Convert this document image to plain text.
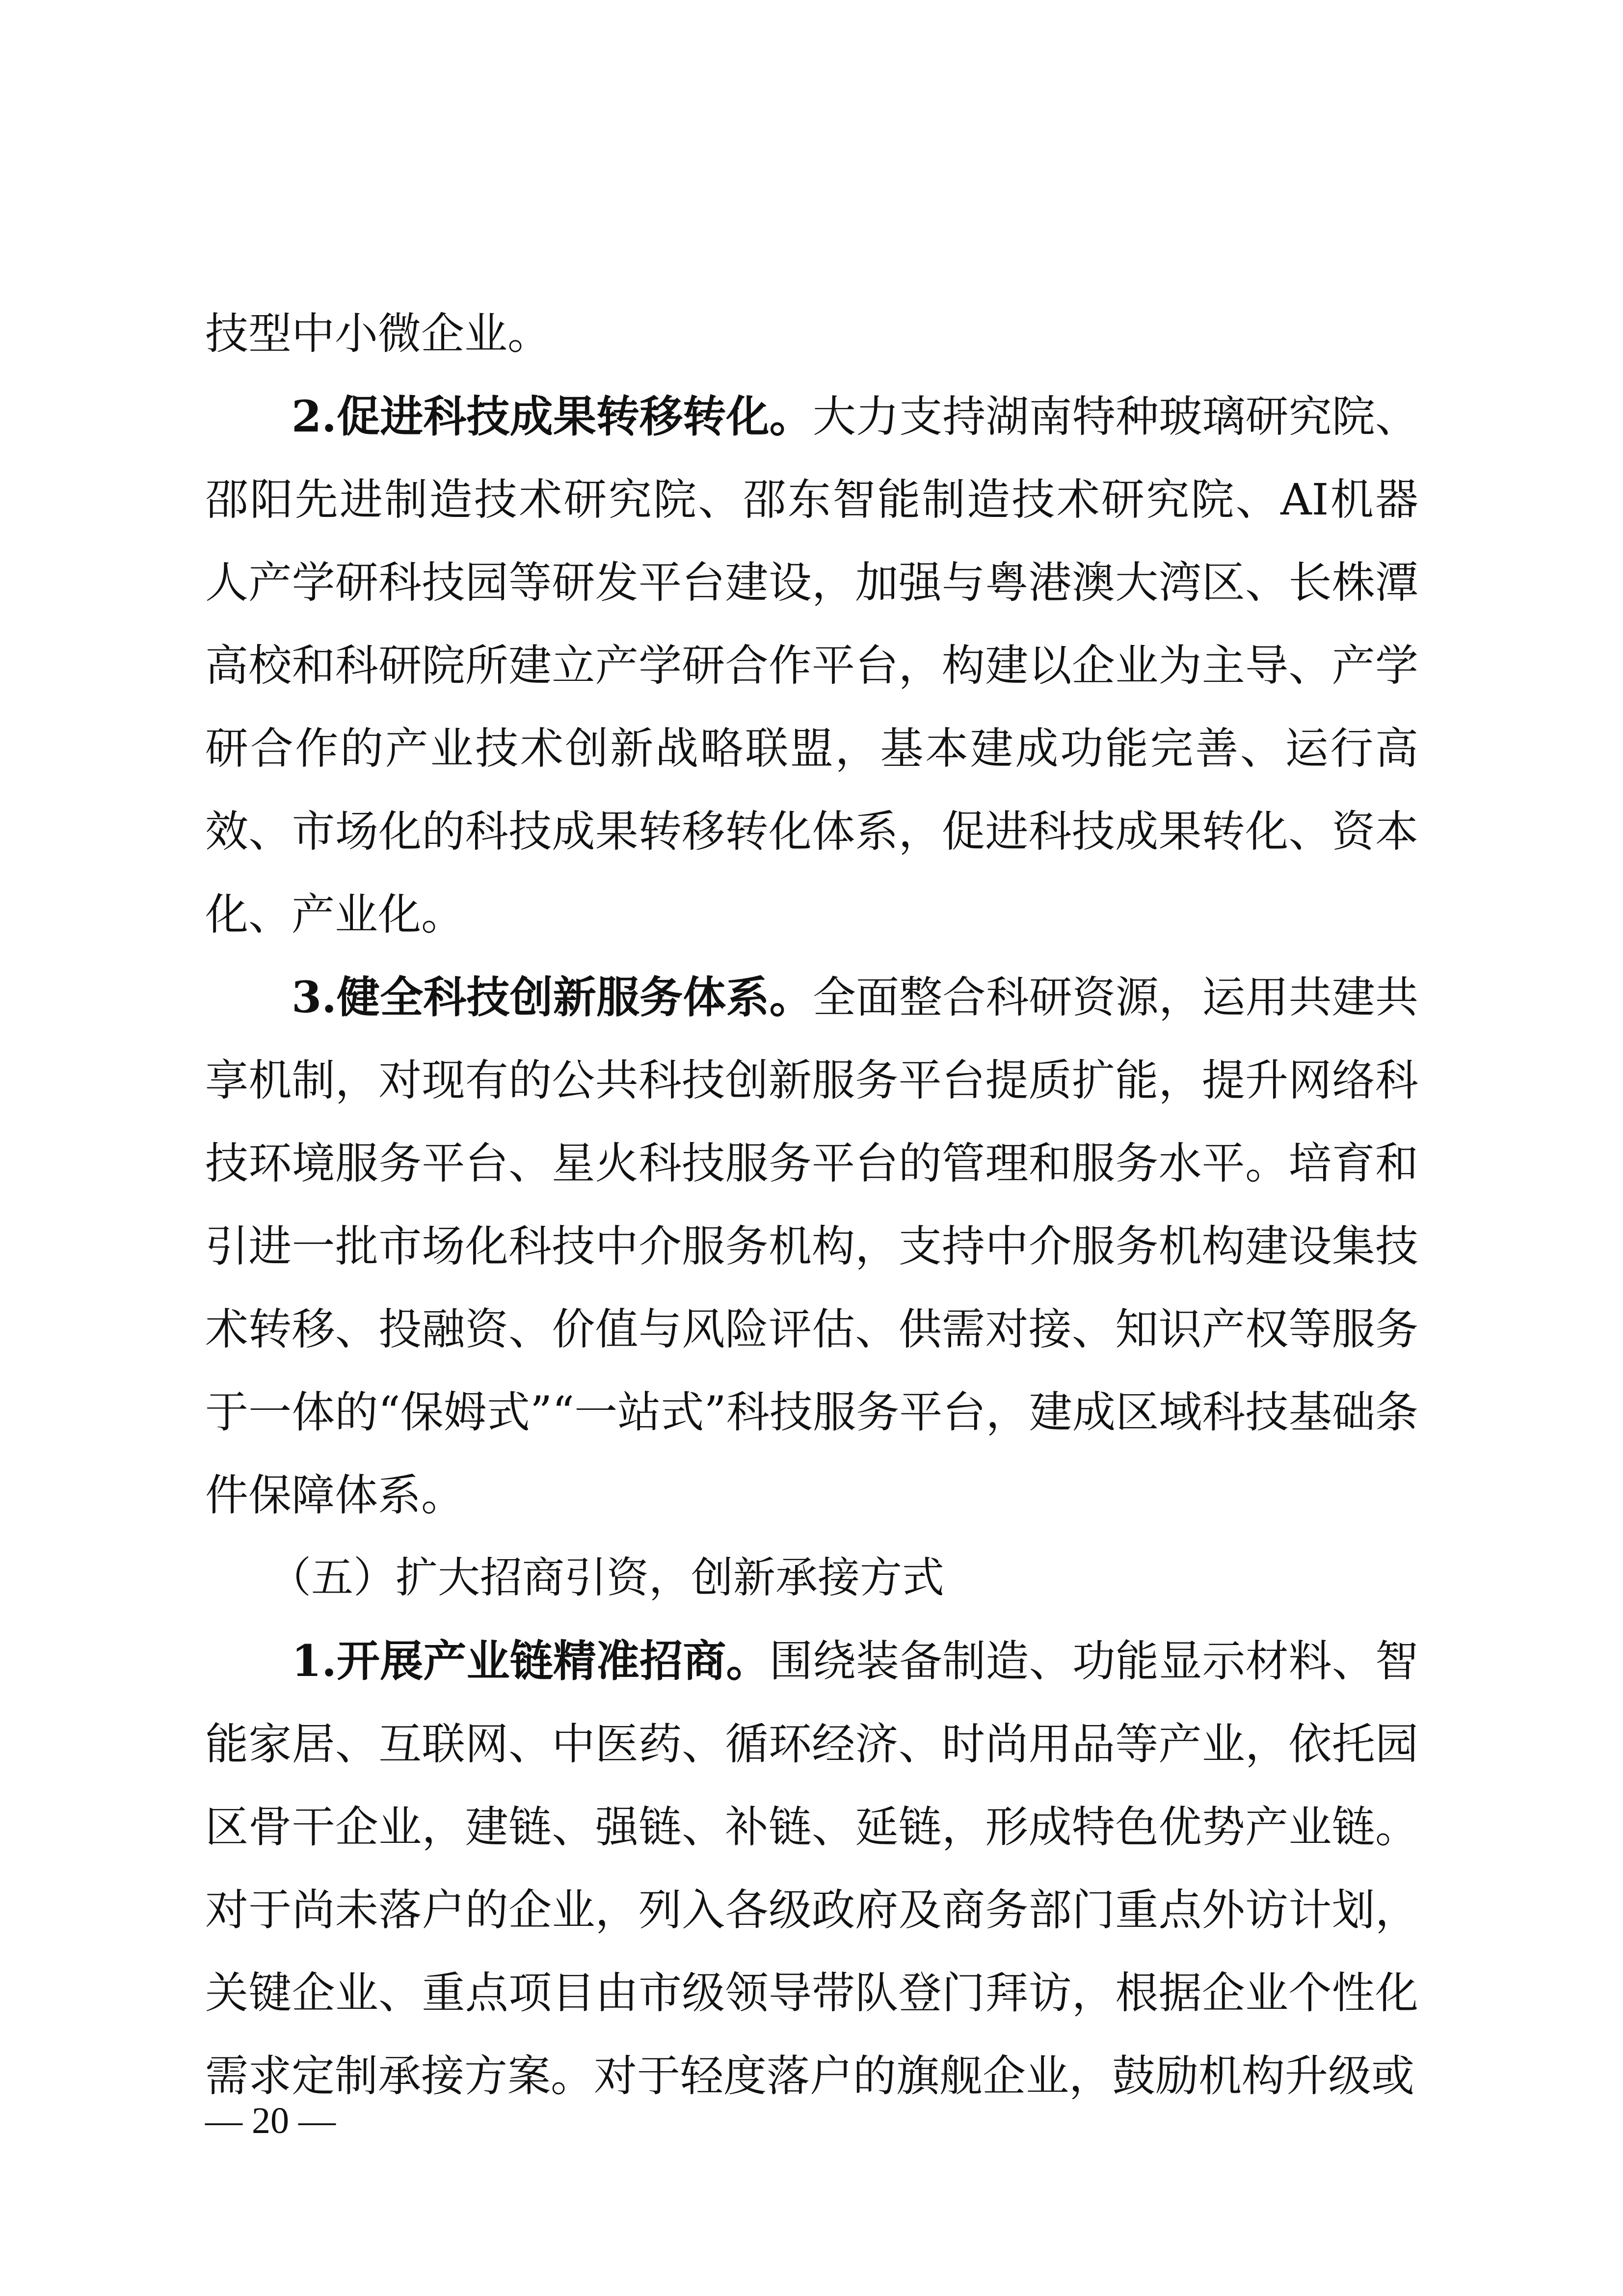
技型中小微企业。

2.促进科技成果转移转化。大力支持湖南特种玻璃研究院、邵阳先进制造技术研究院、邵东智能制造技术研究院、AI机器人产学研科技园等研发平台建设，加强与粤港澳大湾区、长株潭高校和科研院所建立产学研合作平台，构建以企业为主导、产学研合作的产业技术创新战略联盟，基本建成功能完善、运行高效、市场化的科技成果转移转化体系，促进科技成果转化、资本化、产业化。

3.健全科技创新服务体系。全面整合科研资源，运用共建共享机制，对现有的公共科技创新服务平台提质扩能，提升网络科技环境服务平台、星火科技服务平台的管理和服务水平。培育和引进一批市场化科技中介服务机构，支持中介服务机构建设集技术转移、投融资、价值与风险评估、供需对接、知识产权等服务于一体的“保姆式”“一站式”科技服务平台，建成区域科技基础条件保障体系。

（五）扩大招商引资，创新承接方式

1.开展产业链精准招商。围绕装备制造、功能显示材料、智能家居、互联网、中医药、循环经济、时尚用品等产业，依托园区骨干企业，建链、强链、补链、延链，形成特色优势产业链。对于尚未落户的企业，列入各级政府及商务部门重点外访计划，关键企业、重点项目由市级领导带队登门拜访，根据企业个性化需求定制承接方案。对于轻度落户的旗舰企业，鼓励机构升级或

— 20 —
